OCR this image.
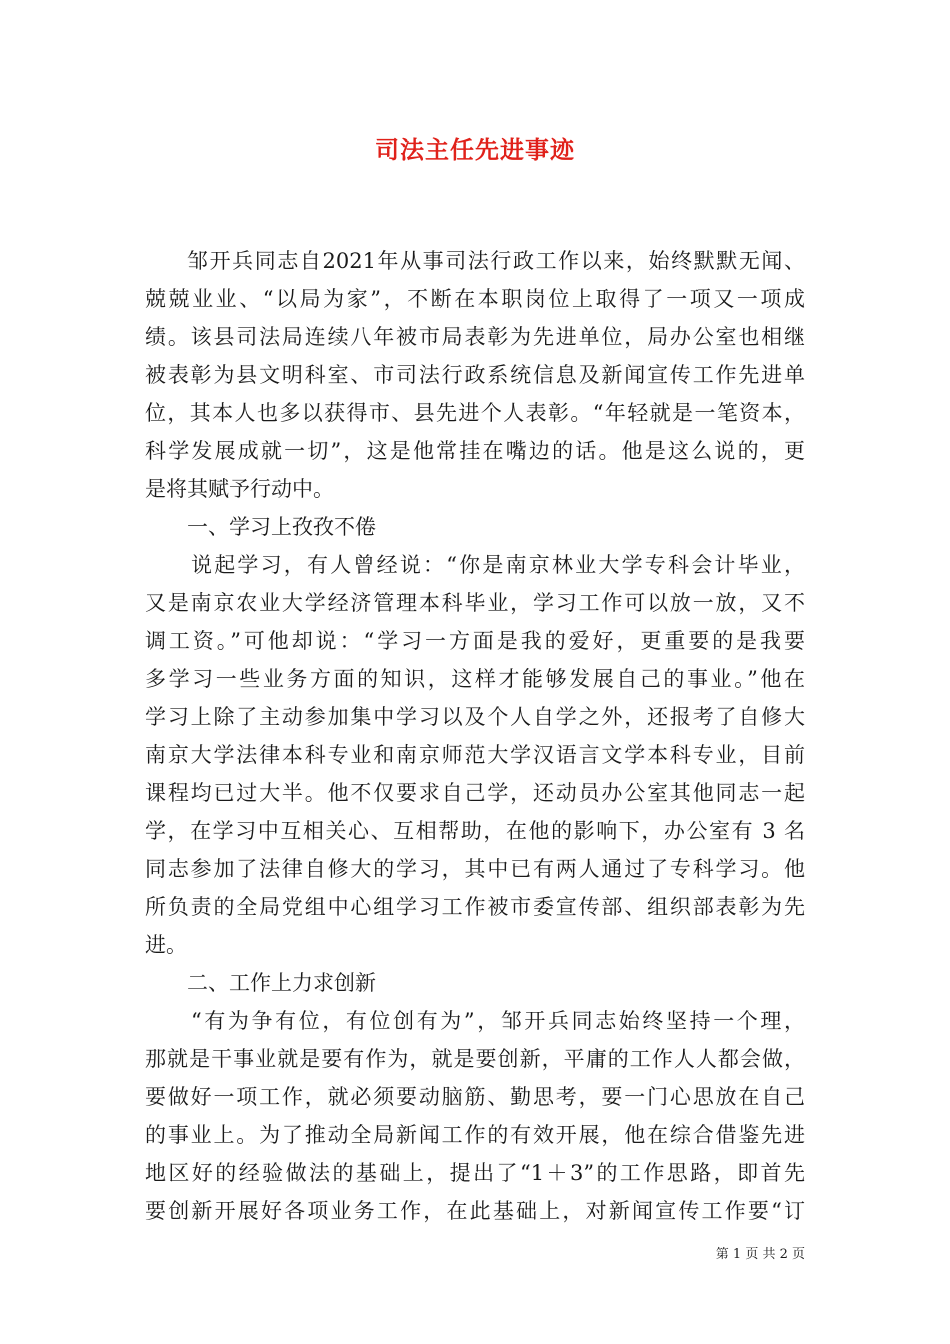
司法主任先进事迹
邹开兵同志自2021年从事司法行政工作以来，始终默默无闻、
兢兢业业、“以局为家”，不断在本职岗位上取得了一项又一项成
绩。该县司法局连续八年被市局表彰为先进单位，局办公室也相继
被表彰为县文明科室、市司法行政系统信息及新闻宣传工作先进单
位，其本人也多以获得市、县先进个人表彰。“年轻就是一笔资本，
科学发展成就一切”，这是他常挂在嘴边的话。他是这么说的，更
是将其赋予行动中。
一、学习上孜孜不倦
说起学习，有人曾经说：“你是南京林业大学专科会计毕业，
又是南京农业大学经济管理本科毕业，学习工作可以放一放，又不
调工资。”可他却说：“学习一方面是我的爱好，更重要的是我要
多学习一些业务方面的知识，这样才能够发展自己的事业。”他在
学习上除了主动参加集中学习以及个人自学之外，还报考了自修大
南京大学法律本科专业和南京师范大学汉语言文学本科专业，目前
课程均已过大半。他不仅要求自己学，还动员办公室其他同志一起
学，在学习中互相关心、互相帮助，在他的影响下，办公室有 3 名
同志参加了法律自修大的学习，其中已有两人通过了专科学习。他
所负责的全局党组中心组学习工作被市委宣传部、组织部表彰为先
进。
二、工作上力求创新
“有为争有位，有位创有为”，邹开兵同志始终坚持一个理，
那就是干事业就是要有作为，就是要创新，平庸的工作人人都会做，
要做好一项工作，就必须要动脑筋、勤思考，要一门心思放在自己
的事业上。为了推动全局新闻工作的有效开展，他在综合借鉴先进
地区好的经验做法的基础上，提出了“1＋3”的工作思路，即首先
要创新开展好各项业务工作，在此基础上，对新闻宣传工作要“订
第 1 页 共 2 页
